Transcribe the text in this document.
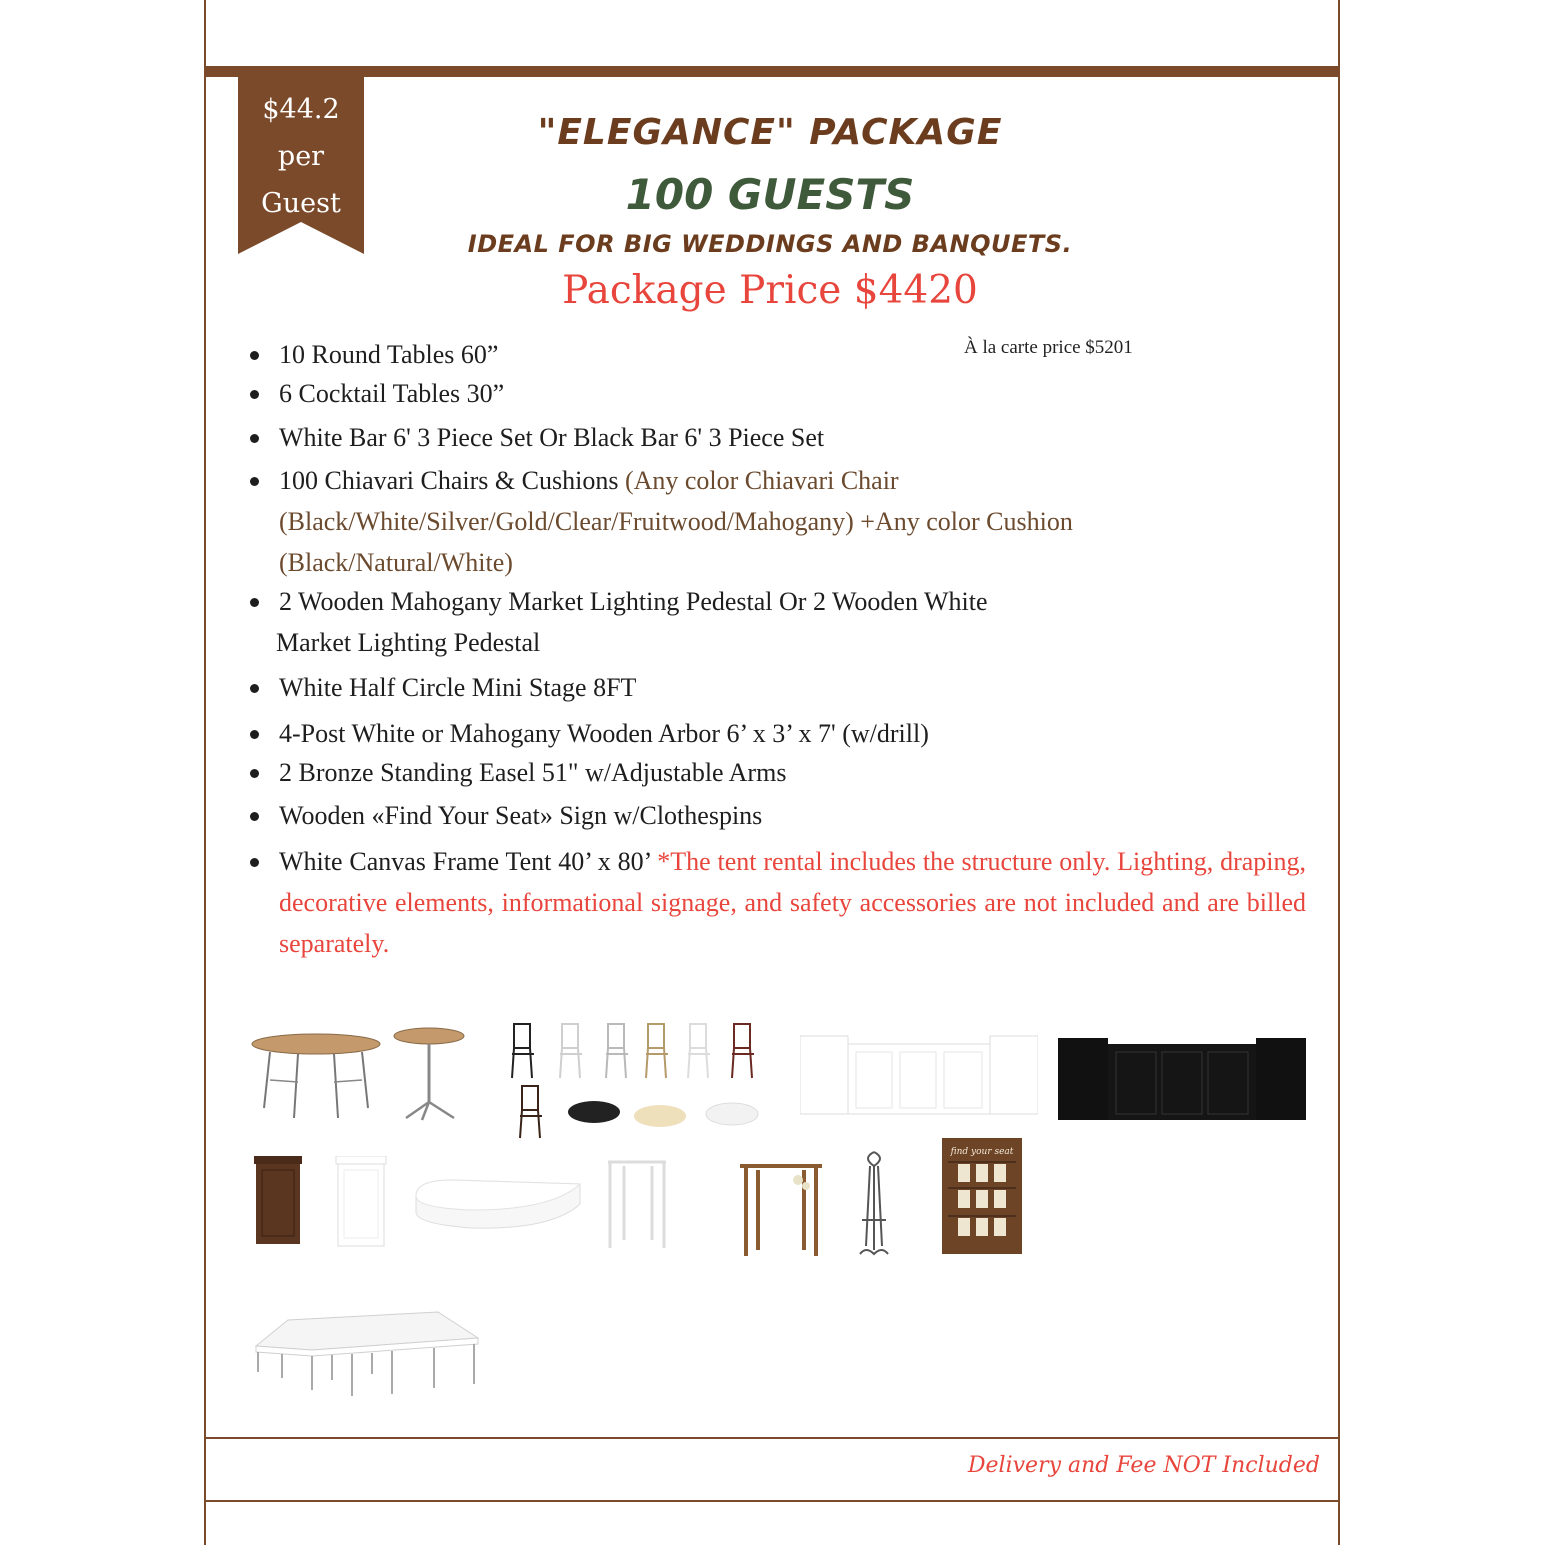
$44.2
per
Guest
"ELEGANCE" PACKAGE
100 GUESTS
IDEAL FOR BIG WEDDINGS AND BANQUETS.
Package Price $4420
À la carte price $5201
10 Round Tables 60”
6 Cocktail Tables 30”
White Bar 6' 3 Piece Set Or Black Bar 6' 3 Piece Set
100 Chiavari Chairs & Cushions (Any color Chiavari Chair (Black/White/Silver/Gold/Clear/Fruitwood/Mahogany) +Any color Cushion (Black/Natural/White)
2 Wooden Mahogany Market Lighting Pedestal Or 2 Wooden White

Market Lighting Pedestal
White Half Circle Mini Stage 8FT
4-Post White or Mahogany Wooden Arbor 6’ x 3’ x 7' (w/drill)
2 Bronze Standing Easel 51" w/Adjustable Arms
Wooden «Find Your Seat» Sign w/Clothespins
White Canvas Frame Tent 40’ x 80’ *The tent rental includes the structure only. Lighting, draping, decorative elements, informational signage, and safety accessories are not included and are billed separately.
find your seat
Delivery and Fee NOT Included
